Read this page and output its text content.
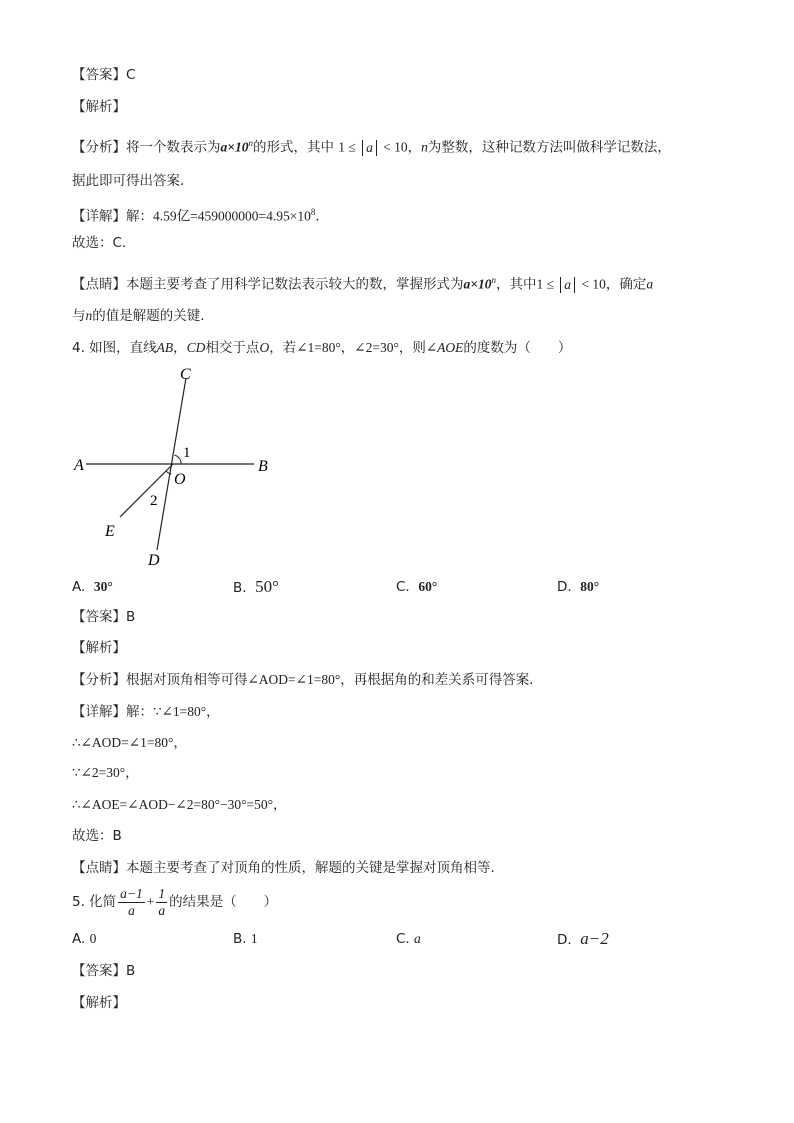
【答案】C
【解析】
【分析】将一个数表示为$a\times 10^n$的形式，其中 1 ≤ a < 10，n为整数，这种记数方法叫做科学记数法，
据此即可得出答案．
【详解】解：4.59亿$=459000000=4.95\times 10^8$．
故选：C．
【点睛】本题主要考查了用科学记数法表示较大的数，掌握形式为$a\times 10^n$，其中1 ≤ a < 10，确定a
与n的值是解题的关键．
4. 如图，直线AB，CD相交于点O，若∠1=80°，∠2=30°，则∠AOE的度数为（　　）
C
A	B
O
E
D
1
2
A. 30°	B. 50°	C. 60°	D. 80°
【答案】B
【解析】
【分析】根据对顶角相等可得∠AOD=∠1=80°，再根据角的和差关系可得答案．
【详解】解：∵∠1=80°，
∴∠AOD=∠1=80°，
∵∠2=30°，
∴∠AOE=∠AOD−∠2=80°−30°=50°，
故选：B
【点睛】本题主要考查了对顶角的性质，解题的关键是掌握对顶角相等．
5. 化简 $\frac{a-1}{a} + \frac{1}{a}$ 的结果是（　　）
A. 0	B. 1	C. a	D. a−2
【答案】B
【解析】
